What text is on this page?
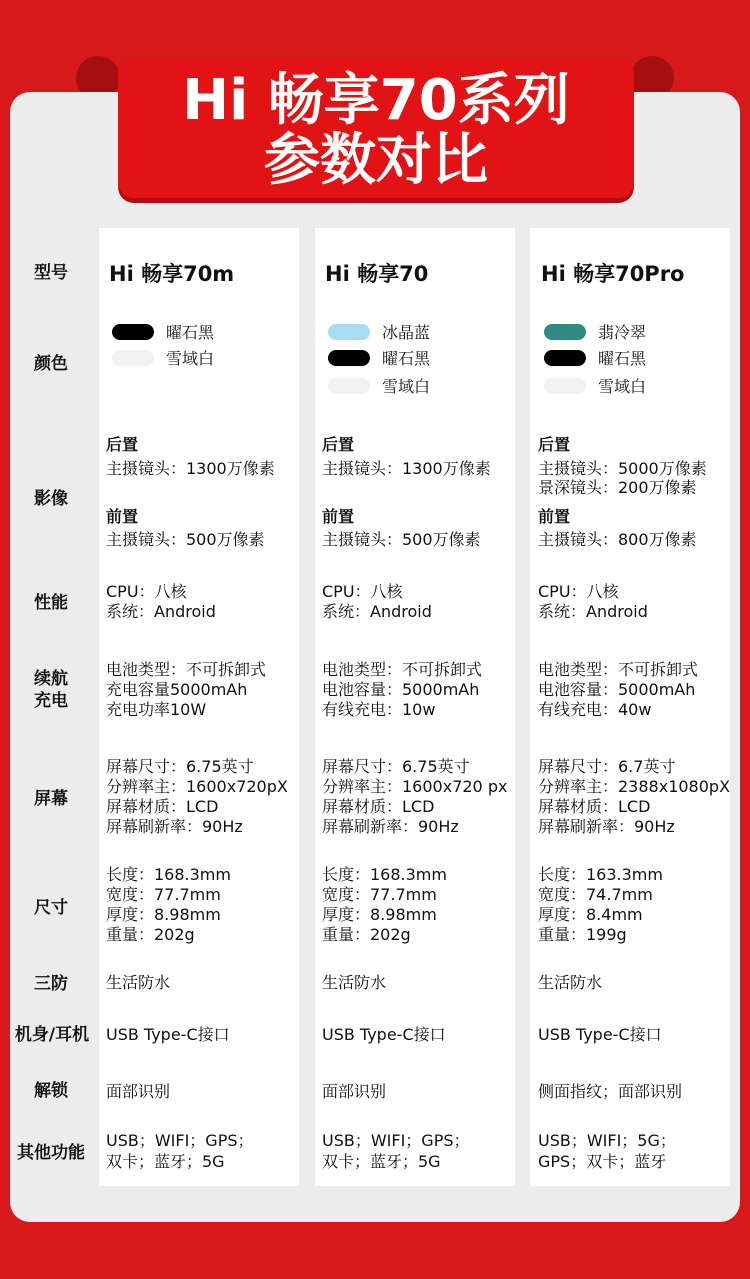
Hi 畅享70系列
参数对比
型号
颜色
影像
性能
续航
充电
屏幕
尺寸
三防
机身/耳机
解锁
其他功能
Hi 畅享70m
曜石黑
雪域白
后置
主摄镜头：1300万像素
前置
主摄镜头：500万像素
CPU：八核
系统：Android
电池类型：不可拆卸式
充电容量5000mAh
充电功率10W
屏幕尺寸：6.75英寸
分辨率主：1600x720pX
屏幕材质：LCD
屏幕刷新率：90Hz
长度：168.3mm
宽度：77.7mm
厚度：8.98mm
重量：202g
生活防水
USB Type-C接口
面部识别
USB；WIFI；GPS；
双卡；蓝牙；5G
Hi 畅享70
冰晶蓝
曜石黑
雪域白
后置
主摄镜头：1300万像素
前置
主摄镜头：500万像素
CPU：八核
系统：Android
电池类型：不可拆卸式
电池容量：5000mAh
有线充电：10w
屏幕尺寸：6.75英寸
分辨率主：1600x720 px
屏幕材质：LCD
屏幕刷新率：90Hz
长度：168.3mm
宽度：77.7mm
厚度：8.98mm
重量：202g
生活防水
USB Type-C接口
面部识别
USB；WIFI；GPS；
双卡；蓝牙；5G
Hi 畅享70Pro
翡冷翠
曜石黑
雪域白
后置
主摄镜头：5000万像素
景深镜头：200万像素
前置
主摄镜头：800万像素
CPU：八核
系统：Android
电池类型：不可拆卸式
电池容量：5000mAh
有线充电：40w
屏幕尺寸：6.7英寸
分辨率主：2388x1080pX
屏幕材质：LCD
屏幕刷新率：90Hz
长度：163.3mm
宽度：74.7mm
厚度：8.4mm
重量：199g
生活防水
USB Type-C接口
侧面指纹；面部识别
USB；WIFI；5G；
GPS；双卡；蓝牙
